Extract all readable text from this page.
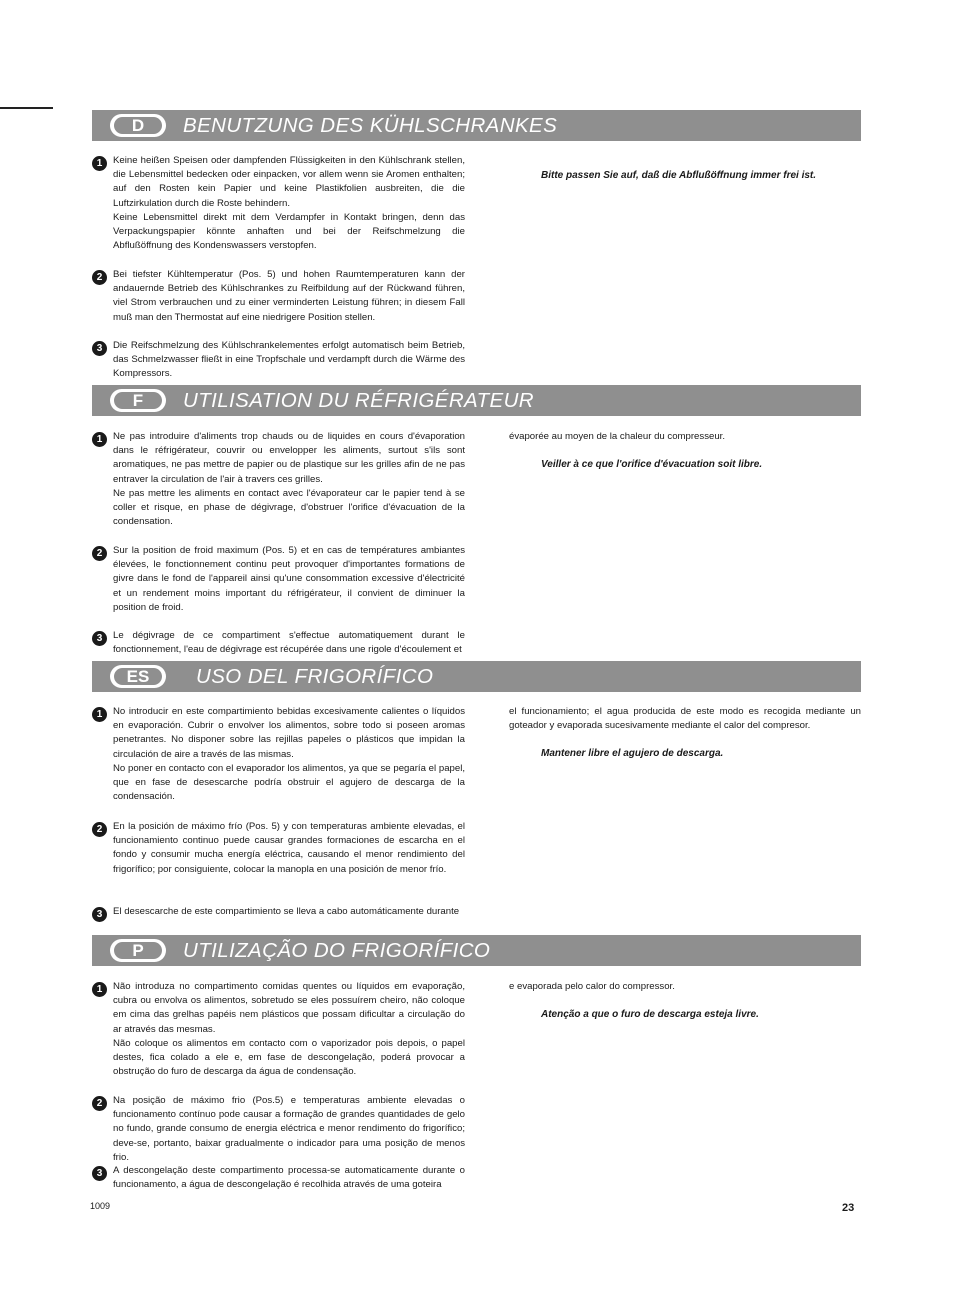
D	BENUTZUNG DES KÜHLSCHRANKES
1	Keine heißen Speisen oder dampfenden Flüssigkeiten in den Kühlschrank stellen, die Lebensmittel bedecken oder einpacken, vor allem wenn sie Aromen enthalten; auf den Rosten kein Papier und keine Plastikfolien ausbreiten, die die Luftzirkulation durch die Roste behindern.

Keine Lebensmittel direkt mit dem Verdampfer in Kontakt bringen, denn das Verpackungspapier könnte anhaften und bei der Reifschmelzung die Abflußöffnung des Kondenswassers verstopfen.

2	Bei tiefster Kühltemperatur (Pos. 5) und hohen Raumtemperaturen kann der andauernde Betrieb des Kühlschrankes zu Reifbildung auf der Rückwand führen, viel Strom verbrauchen und zu einer verminderten Leistung führen; in diesem Fall muß man den Thermostat auf eine niedrigere Position stellen.

3	Die Reifschmelzung des Kühlschrankelementes erfolgt automatisch beim Betrieb, das Schmelzwasser fließt in eine Tropfschale und verdampft durch die Wärme des Kompressors.

Bitte passen Sie auf, daß die Abflußöffnung immer frei ist.

F	UTILISATION DU RÉFRIGÉRATEUR
1	Ne pas introduire d'aliments trop chauds ou de liquides en cours d'évaporation dans le réfrigérateur, couvrir ou envelopper les aliments, surtout s'ils sont aromatiques, ne pas mettre de papier ou de plastique sur les grilles afin de ne pas entraver la circulation de l'air à travers ces grilles.

Ne pas mettre les aliments en contact avec l'évaporateur car le papier tend à se coller et risque, en phase de dégivrage, d'obstruer l'orifice d'évacuation de la condensation.

2	Sur la position de froid maximum (Pos. 5) et en cas de températures ambiantes élevées, le fonctionnement continu peut provoquer d'importantes formations de givre dans le fond de l'appareil ainsi qu'une consommation excessive d'électricité et un rendement moins important du réfrigérateur, il convient de diminuer la position de froid.

3	Le dégivrage de ce compartiment s'effectue automatiquement durant le fonctionnement, l'eau de dégivrage est récupérée dans une rigole d'écoulement et

évaporée au moyen de la chaleur du compresseur.

Veiller à ce que l'orifice d'évacuation soit libre.

ES	USO DEL FRIGORÍFICO
1	No introducir en este compartimiento bebidas excesivamente calientes o líquidos en evaporación. Cubrir o envolver los alimentos, sobre todo si poseen aromas penetrantes. No disponer sobre las rejillas papeles o plásticos que impidan la circulación de aire a través de las mismas.

No poner en contacto con el evaporador los alimentos, ya que se pegaría el papel, que en fase de desescarche podría obstruir el agujero de descarga de la condensación.

2	En la posición de máximo frío (Pos. 5) y con temperaturas ambiente elevadas, el funcionamiento continuo puede causar grandes formaciones de escarcha en el fondo y consumir mucha energía eléctrica, causando el menor rendimiento del frigorífico; por consiguiente, colocar la manopla en una posición de menor frío.

3	El desescarche de este compartimiento se lleva a cabo automáticamente durante

el funcionamiento; el agua producida de este modo es recogida mediante un goteador y evaporada sucesivamente mediante el calor del compresor.

Mantener libre el agujero de descarga.

P	UTILIZAÇÃO DO FRIGORÍFICO
1	Não introduza no compartimento comidas quentes ou líquidos em evaporação, cubra ou envolva os alimentos, sobretudo se eles possuírem cheiro, não coloque em cima das grelhas papéis nem plásticos que possam dificultar a circulação do ar através das mesmas.

Não coloque os alimentos em contacto com o vaporizador pois depois, o papel destes, fica colado a ele e, em fase de descongelação, poderá provocar a obstrução do furo de descarga da água de condensação.

2	Na posição de máximo frio (Pos.5) e temperaturas ambiente elevadas o funcionamento contínuo pode causar a formação de grandes quantidades de gelo no fundo, grande consumo de energia eléctrica e menor rendimento do frigorífico; deve-se, portanto, baixar gradualmente o indicador para uma posição de menos frio.

3	A descongelação deste compartimento processa-se automaticamente durante o funcionamento, a água de descongelação é recolhida através de uma goteira

e evaporada pelo calor do compressor.

Atenção a que o furo de descarga esteja livre.

1009	23
